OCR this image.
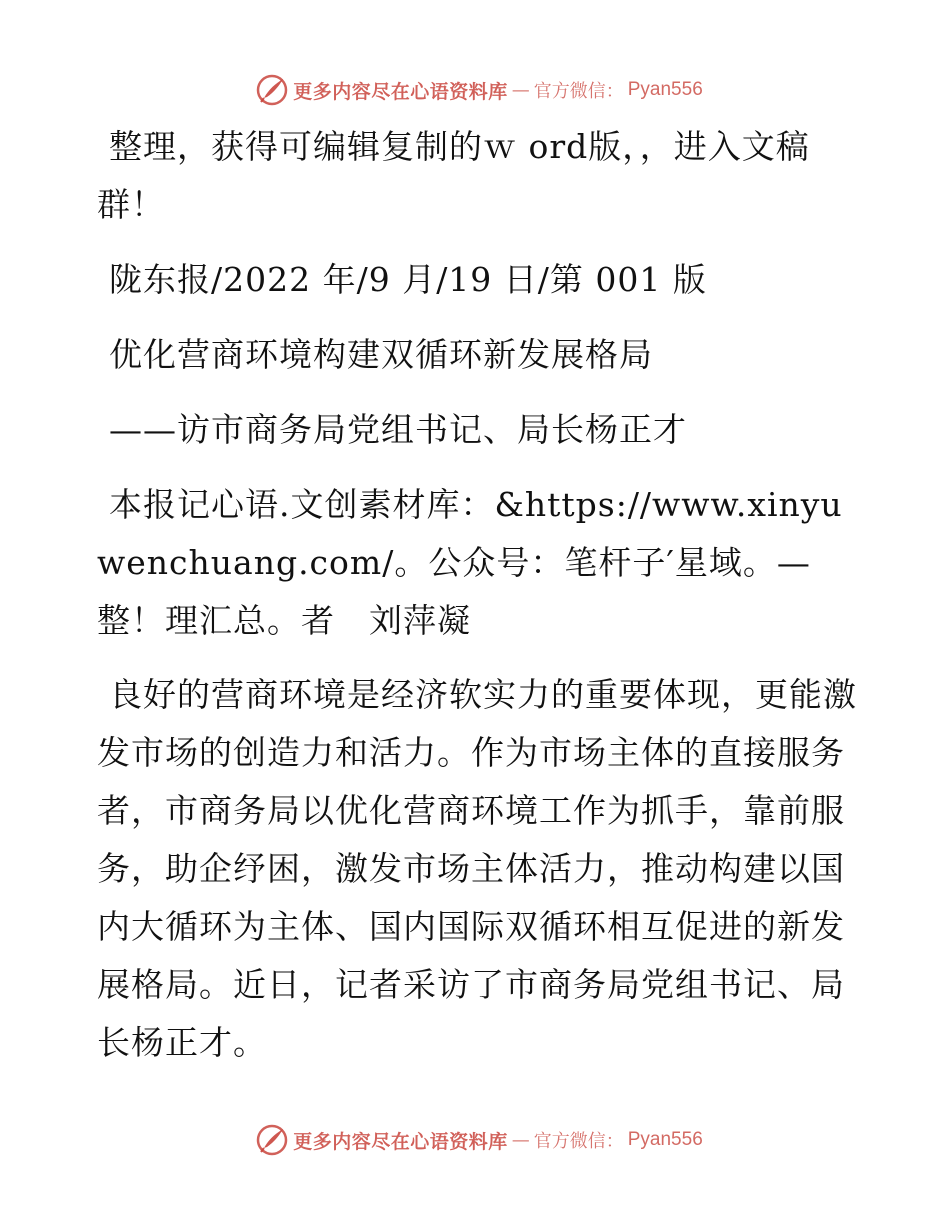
更多内容尽在心语资料库 — 官方微信： Pyan556

整理，获得可编辑复制的ｗ ord版，，进入文稿群！

陇东报/2022 年/9 月/19 日/第 001 版

优化营商环境构建双循环新发展格局

——访市商务局党组书记、局长杨正才

本报记心语.文创素材库：&https://www.xinyuwenchuang.com/。公众号：笔杆子′星域。—整！理汇总。者　刘萍凝

良好的营商环境是经济软实力的重要体现，更能激发市场的创造力和活力。作为市场主体的直接服务者，市商务局以优化营商环境工作为抓手，靠前服务，助企纾困，激发市场主体活力，推动构建以国内大循环为主体、国内国际双循环相互促进的新发展格局。近日，记者采访了市商务局党组书记、局长杨正才。

更多内容尽在心语资料库 — 官方微信： Pyan556
